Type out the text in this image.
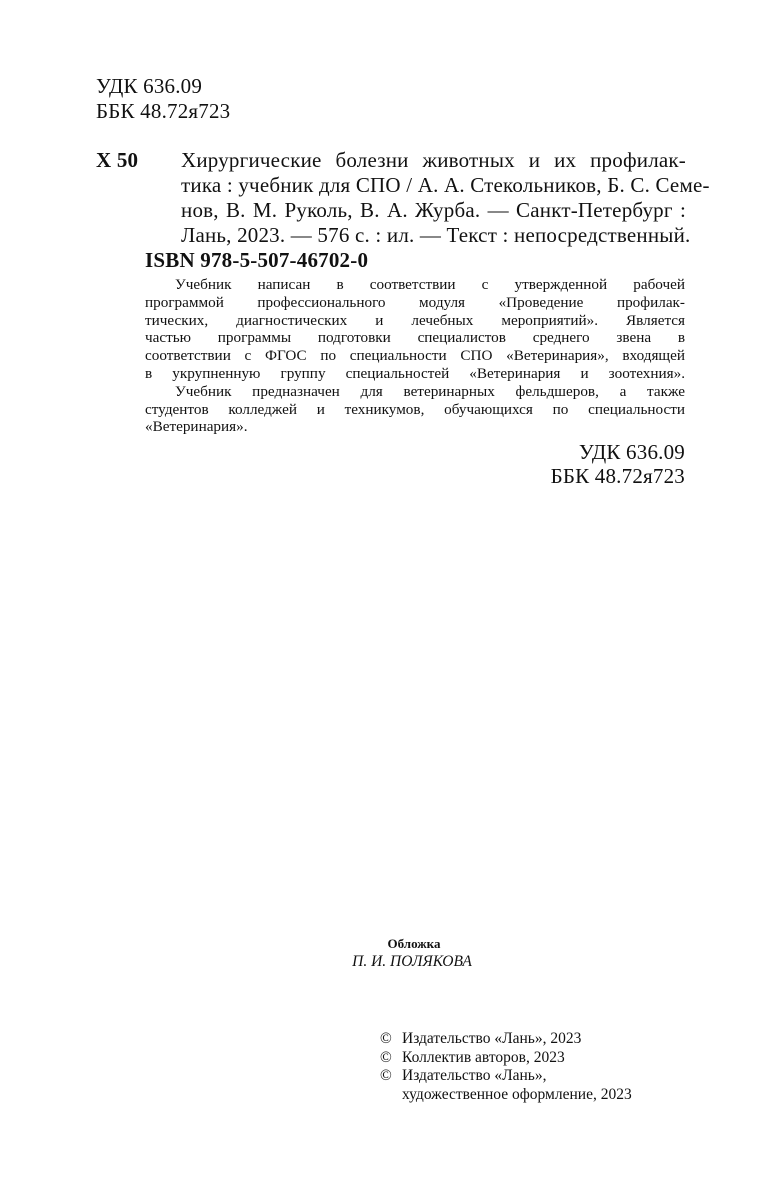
УДК 636.09
ББК 48.72я723
Х 50 Хирургические болезни животных и их профилак-
тика : учебник для СПО / А. А. Стекольников, Б. С. Семе-
нов, В. М. Руколь, В. А. Журба. — Санкт-Петербург :
Лань, 2023. — 576 с. : ил. — Текст : непосредственный.
ISBN 978-5-507-46702-0
Учебник написан в соответствии с утвержденной рабочей
программой профессионального модуля «Проведение профилак-
тических, диагностических и лечебных мероприятий». Является
частью программы подготовки специалистов среднего звена в
соответствии с ФГОС по специальности СПО «Ветеринария», входящей
в укрупненную группу специальностей «Ветеринария и зоотехния».
Учебник предназначен для ветеринарных фельдшеров, а также
студентов колледжей и техникумов, обучающихся по специальности
«Ветеринария».
УДК 636.09
ББК 48.72я723
Обложка
П. И. ПОЛЯКОВА
© Издательство «Лань», 2023
© Коллектив авторов, 2023
© Издательство «Лань»,
художественное оформление, 2023
